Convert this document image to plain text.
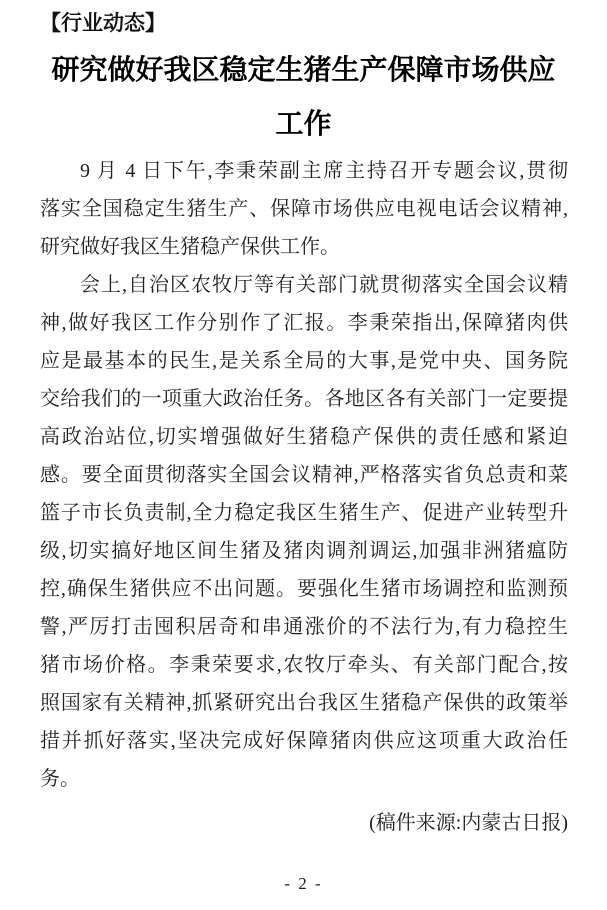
【行业动态】
研究做好我区稳定生猪生产保障市场供应
工作
9 月 4 日下午,李秉荣副主席主持召开专题会议,贯彻
落实全国稳定生猪生产、保障市场供应电视电话会议精神,
研究做好我区生猪稳产保供工作。
会上,自治区农牧厅等有关部门就贯彻落实全国会议精
神,做好我区工作分别作了汇报。李秉荣指出,保障猪肉供
应是最基本的民生,是关系全局的大事,是党中央、国务院
交给我们的一项重大政治任务。各地区各有关部门一定要提
高政治站位,切实增强做好生猪稳产保供的责任感和紧迫
感。要全面贯彻落实全国会议精神,严格落实省负总责和菜
篮子市长负责制,全力稳定我区生猪生产、促进产业转型升
级,切实搞好地区间生猪及猪肉调剂调运,加强非洲猪瘟防
控,确保生猪供应不出问题。要强化生猪市场调控和监测预
警,严厉打击囤积居奇和串通涨价的不法行为,有力稳控生
猪市场价格。李秉荣要求,农牧厅牵头、有关部门配合,按
照国家有关精神,抓紧研究出台我区生猪稳产保供的政策举
措并抓好落实,坚决完成好保障猪肉供应这项重大政治任
务。
(稿件来源:内蒙古日报)
- 2 -
